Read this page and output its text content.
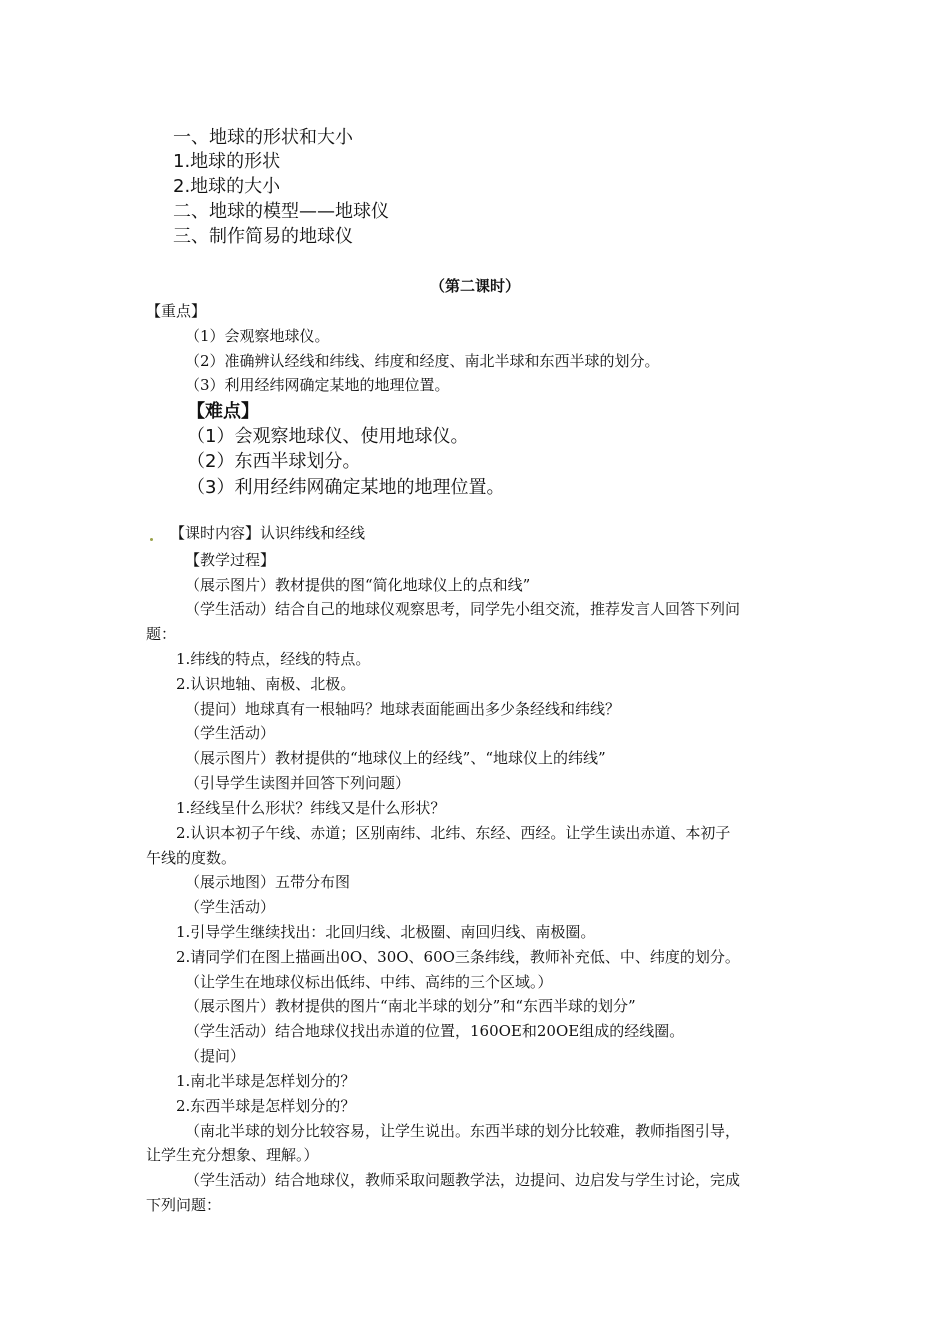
一、地球的形状和大小
1.地球的形状
2.地球的大小
二、地球的模型——地球仪
三、制作简易的地球仪
（第二课时）
【重点】
（1）会观察地球仪。
（2）准确辨认经线和纬线、纬度和经度、南北半球和东西半球的划分。
（3）利用经纬网确定某地的地理位置。
【难点】
（1）会观察地球仪、使用地球仪。
（2）东西半球划分。
（3）利用经纬网确定某地的地理位置。
【课时内容】认识纬线和经线
【教学过程】
（展示图片）教材提供的图“简化地球仪上的点和线”
（学生活动）结合自己的地球仪观察思考，同学先小组交流，推荐发言人回答下列问
题：
1.纬线的特点，经线的特点。
2.认识地轴、南极、北极。
（提问）地球真有一根轴吗？地球表面能画出多少条经线和纬线？
（学生活动）
（展示图片）教材提供的“地球仪上的经线”、“地球仪上的纬线”
（引导学生读图并回答下列问题）
1.经线呈什么形状？纬线又是什么形状？
2.认识本初子午线、赤道；区别南纬、北纬、东经、西经。让学生读出赤道、本初子
午线的度数。
（展示地图）五带分布图
（学生活动）
1.引导学生继续找出：北回归线、北极圈、南回归线、南极圈。
2.请同学们在图上描画出0O、30O、60O三条纬线，教师补充低、中、纬度的划分。
（让学生在地球仪标出低纬、中纬、高纬的三个区域。）
（展示图片）教材提供的图片“南北半球的划分”和“东西半球的划分”
（学生活动）结合地球仪找出赤道的位置，160OE和20OE组成的经线圈。
（提问）
1.南北半球是怎样划分的？
2.东西半球是怎样划分的？
（南北半球的划分比较容易，让学生说出。东西半球的划分比较难，教师指图引导，
让学生充分想象、理解。）
（学生活动）结合地球仪，教师采取问题教学法，边提问、边启发与学生讨论，完成
下列问题：
